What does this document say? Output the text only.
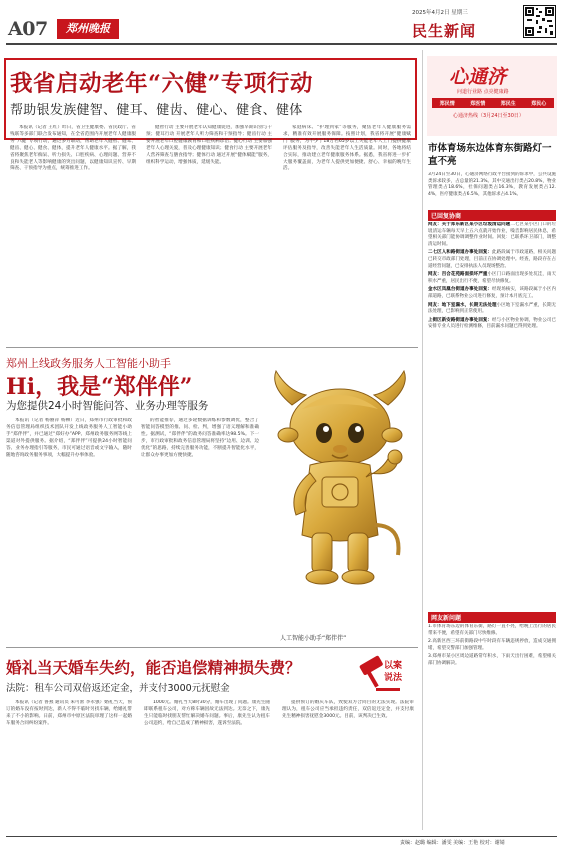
A07	郑州晚报
2025年4月2日 星期三
民生新闻
我省启动老年“六健”专项行动
帮助银发族健智、健耳、健齿、健心、健食、健体

本报讯（记者 王红）昨日，省卫生健康委、省民政厅、省残联等多部门联合发布通知，在全省范围内开展老年人健康服务“六健”专项行动，通过多方联动，帮助老年人健智、健耳、健齿、健心、健食、健体，提升老年人健康水平。据了解，我省将聚焦老年痴呆、听力损失、口腔疾病、心理问题、营养不良和失能老人等影响健康的突出问题，以健康知识宣传、早期筛查、干预指导为重点，统筹推进工作。

健智行动 主要开展老年认知健康促进，加强早期识别与干预；健耳行动 开展老年人听力筛查和干预指导；健齿行动 主要开展老年口腔健康教育和口腔疾病诊治；健心行动 主要加强老年人心理关爱，普及心理健康知识；健食行动 主要开展老年人营养筛查与膳食指导；健体行动 通过开展“健体赋能”服务，组织科学运动，增强体质，延缓失能。

家庭病床、“护理到家”等服务，聚焦老年人健康服务需求，精准有效开展服务保障。按照计划，我省将开展“健康赋门”服务，为不少于18万名65岁以上失能老年人上门提供健康评估服务及指导，改善失能老年人生活质量。同时，各地将结合实际，推动建立老年健康服务体系。据悉，我省将进一步扩大服务覆盖面，为老年人提供更加便捷、舒心、幸福的晚年生活。

心通济
问道行业路 点亮健康路
郑民情	郑医情	郑民生	郑民心
心通济热线（3月24日至30日）
市体育场东边体育东街路灯一直不亮
3月24日至30日，心通济网络行政平台接到的诉求中，公共设施类诉求较多，占总量的21.3%。其中交通出行类占20.8%，物业管理类占18.6%，社保问题类占16.3%，教育发展类占12.4%，医疗健康类占6.5%，其他诉求占4.1%。
已回复协商

网友：关于郑东新区某小区垃圾清运问题二七区某小区门口的垃圾清运车辆每天早上五六点就开始作业，噪音影响居民休息，希望相关部门能协调调整作业时间。回复：已联系环卫部门，调整清运时间。

二七区人和路街道办事处回复：此路段属于市政道路，相关问题已转交市政部门处理，目前正在协调处理中。经查，路段存在占道经营问题，已安排执法人员现场整治。

网友：百合花苑路面损坏严重小区门口路面出现多处坑洼，雨天积水严重，居民出行不便，希望尽快修复。

金水区凤凰台街道办事处回复：经现场核实，该路段属于小区内部道路，已联系物业公司进行修复，预计本月底完工。

网友：地下室漏水，长期无法处理小区地下室漏水严重，长期无法处理，已影响到正常使用。

上街区新安路街道办事处回复：经与小区物业协调，物业公司已安排专业人员进行检测维修，目前漏水问题已得到处理。

网友新问题

1.市体育场东边的体育东街，路灯一直不亮，给晚上出行的居民带来不便，希望有关部门尽快维修。

2.高新区西三环前街路段中午时段有车辆违规停放，造成交通拥堵，希望交警部门加强管理。

3.郑州市某小区周边道路常年积水，下雨天出行困难，希望相关部门协调解决。

郑州上线政务服务人工智能小助手
Hi，我是“郑伴伴”
为您提供24小时智能问答、业务办理等服务

本报讯（记者 杨丽萍 杨柳）近日，郑州市行政审批和政务信息管理局组织技术团队开发上线政务服务人工智能小助手“郑伴伴”，并已通过“郑好办”APP、郑州政务服务网等线上渠道对外提供服务。据介绍，“郑伴伴”可提供24小时智能问答、业务办理指引等服务，市民可通过语音或文字输入，随时随地咨询政务服务事项，大幅提升办事体验。

的智能推荐，通过多轮数据训练和参数调优，整合了智能问答模型的推、问、检、判，增强了语义理解和准确性。据测试，“郑伴伴”的政务问答准确率达98.5%。下一步，市行政审批和政务信息管理局将坚持“边用、边训、边优化”的思路，持续完善服务功能，不断提升智能化水平，让群众办事更加方便快捷。

人工智能小助手“郑伴伴”
婚礼当天婚车失约，能否追偿精神损失费？
法院：租车公司双倍返还定金，并支付3000元抚慰金
以案
说法

本报讯（记者 鲁燕 通讯员 朱可蕾 李永强）婚礼当天，预订的婚车没有按时到达，新人不得不临时另找车辆，给婚礼带来了不小的影响。日前，郑州市中原区法院审理了这样一起婚车服务合同纠纷案件。

1000元。婚礼当天8时30分，婚车出现了问题。康先生随即联系租车公司，对方称车辆因故无法到达。无奈之下，康先生只能临时找朋友帮忙解决婚车问题。事后，康先生认为租车公司违约，给自己造成了精神损害，遂诉至法院。

提供预订的婚庆车队，致使双方合同目的无法实现。法院审理认为，租车公司应当承担违约责任，双倍返还定金，并支付康先生精神损害抚慰金3000元。目前，该判决已生效。

责编：赵璐 编辑：潘雯 美编：王艳 校对：谢婧
